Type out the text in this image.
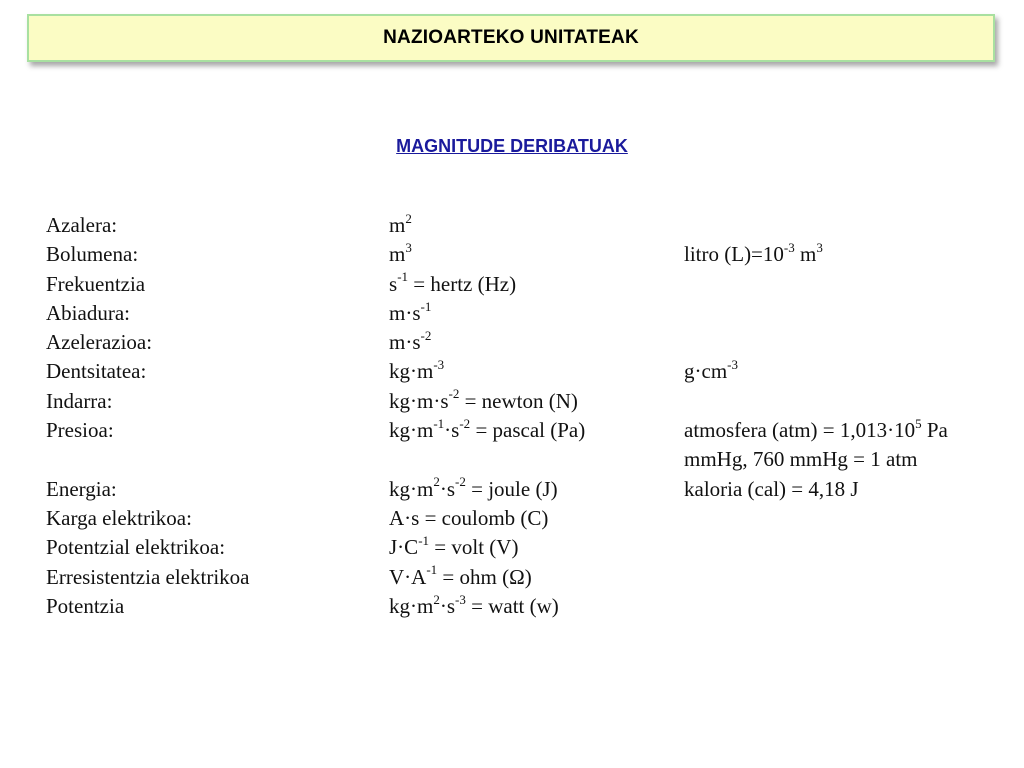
NAZIOARTEKO UNITATEAK
MAGNITUDE DERIBATUAK
Azalera:	$m^2$
Bolumena:	$m^3$	litro $(L)=10^{-3}$ $m^3$
Frekuentzia	$s^{-1}$ = hertz (Hz)
Abiadura:	$m\cdot s^{-1}$
Azelerazioa:	$m\cdot s^{-2}$
Dentsitatea:	$kg\cdot m^{-3}$	$g\cdot cm^{-3}$
Indarra:	$kg\cdot m\cdot s^{-2}$ = newton (N)
Presioa:	$kg\cdot m^{-1}\cdot s^{-2}$ = pascal (Pa)	atmosfera $(atm) = 1,013\cdot 10^5$ Pa
mmHg, 760 mmHg = 1 atm
Energia:	$kg\cdot m^2\cdot s^{-2}$ = joule (J)	kaloria (cal) = 4,18 J
Karga elektrikoa:	A·s = coulomb (C)
Potentzial elektrikoa:	$J\cdot C^{-1}$ = volt (V)
Erresistentzia elektrikoa	$V\cdot A^{-1}$ = ohm (Ω)
Potentzia	$kg\cdot m^2\cdot s^{-3}$ = watt (w)
